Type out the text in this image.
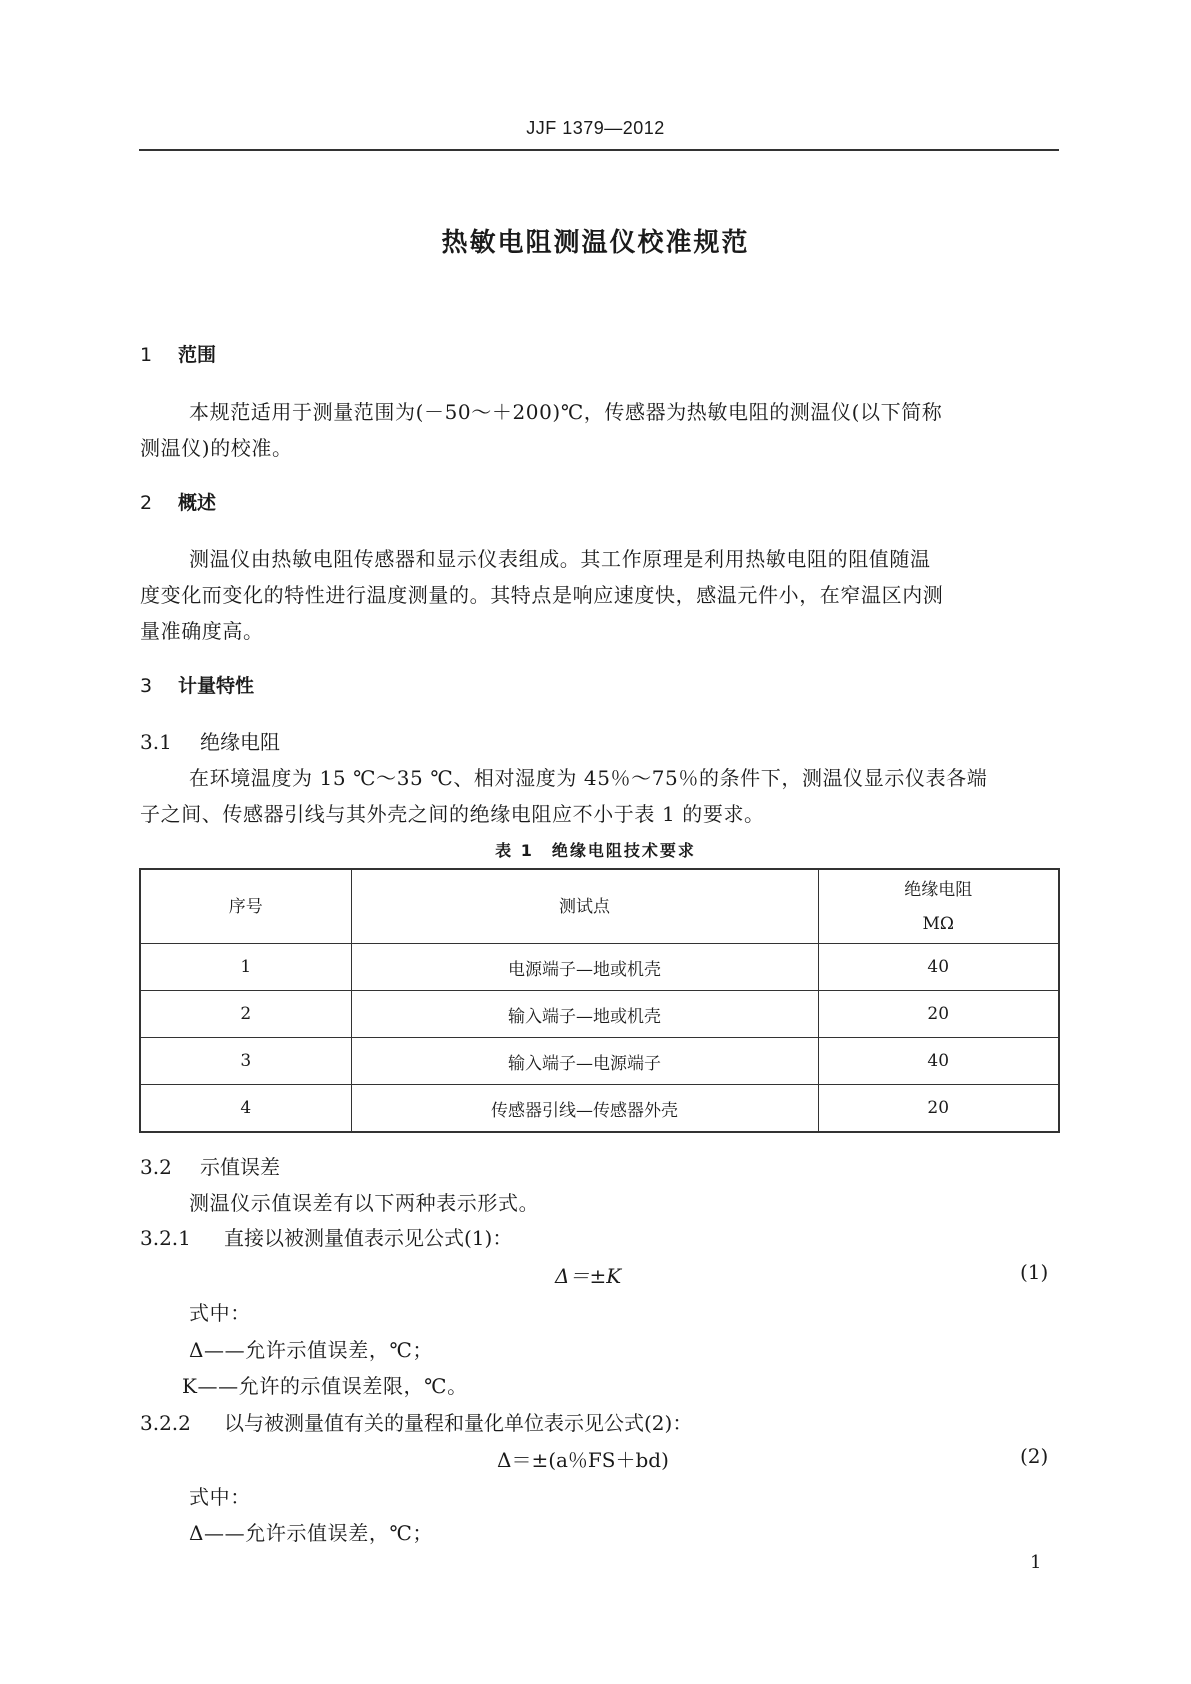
JJF 1379—2012
热敏电阻测温仪校准规范
1 范围
本规范适用于测量范围为(－50～＋200)℃，传感器为热敏电阻的测温仪(以下简称
测温仪)的校准。
2 概述
测温仪由热敏电阻传感器和显示仪表组成。其工作原理是利用热敏电阻的阻值随温
度变化而变化的特性进行温度测量的。其特点是响应速度快，感温元件小，在窄温区内测
量准确度高。
3 计量特性
3.1 绝缘电阻
在环境温度为 15 ℃～35 ℃、相对湿度为 45％～75％的条件下，测温仪显示仪表各端
子之间、传感器引线与其外壳之间的绝缘电阻应不小于表 1 的要求。
表 1　绝缘电阻技术要求
序号	测试点	绝缘电阻
MΩ
1	电源端子—地或机壳	40
2	输入端子—地或机壳	20
3	输入端子—电源端子	40
4	传感器引线—传感器外壳	20
3.2 示值误差
测温仪示值误差有以下两种表示形式。
3.2.1 直接以被测量值表示见公式(1)：
Δ＝±K	(1)
式中：
Δ——允许示值误差，℃；
K——允许的示值误差限，℃。
3.2.2 以与被测量值有关的量程和量化单位表示见公式(2)：
Δ＝±(a％FS＋bd)	(2)
式中：
Δ——允许示值误差，℃；
1
